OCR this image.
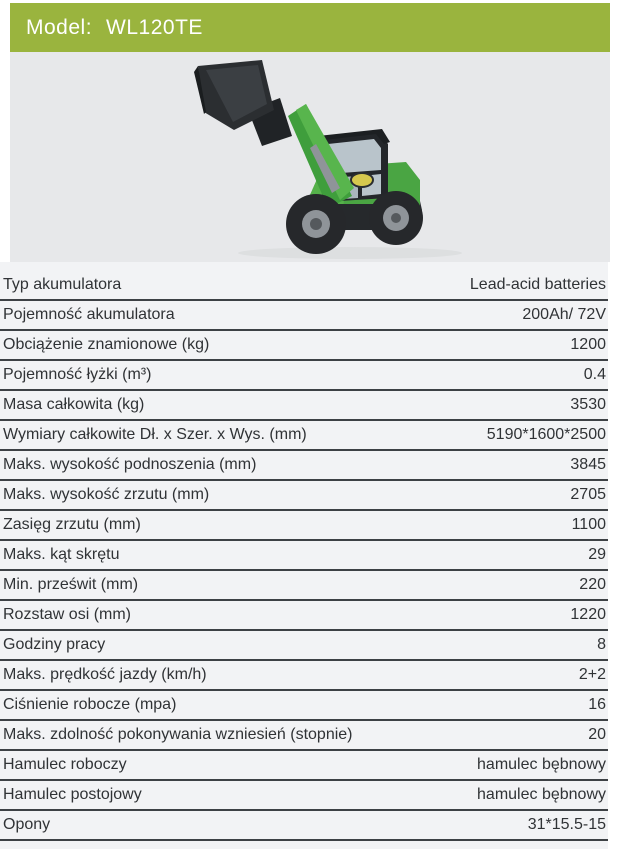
Model: WL120TE
Typ akumulatora	Lead-acid batteries
Pojemność akumulatora	200Ah/ 72V
Obciążenie znamionowe (kg)	1200
Pojemność łyżki (m³)	0.4
Masa całkowita (kg)	3530
Wymiary całkowite Dł. x Szer. x Wys. (mm)	5190*1600*2500
Maks. wysokość podnoszenia (mm)	3845
Maks. wysokość zrzutu (mm)	2705
Zasięg zrzutu (mm)	1100
Maks. kąt skrętu	29
Min. prześwit (mm)	220
Rozstaw osi (mm)	1220
Godziny pracy	8
Maks. prędkość jazdy (km/h)	2+2
Ciśnienie robocze (mpa)	16
Maks. zdolność pokonywania wzniesień (stopnie)	20
Hamulec roboczy	hamulec bębnowy
Hamulec postojowy	hamulec bębnowy
Opony	31*15.5-15
